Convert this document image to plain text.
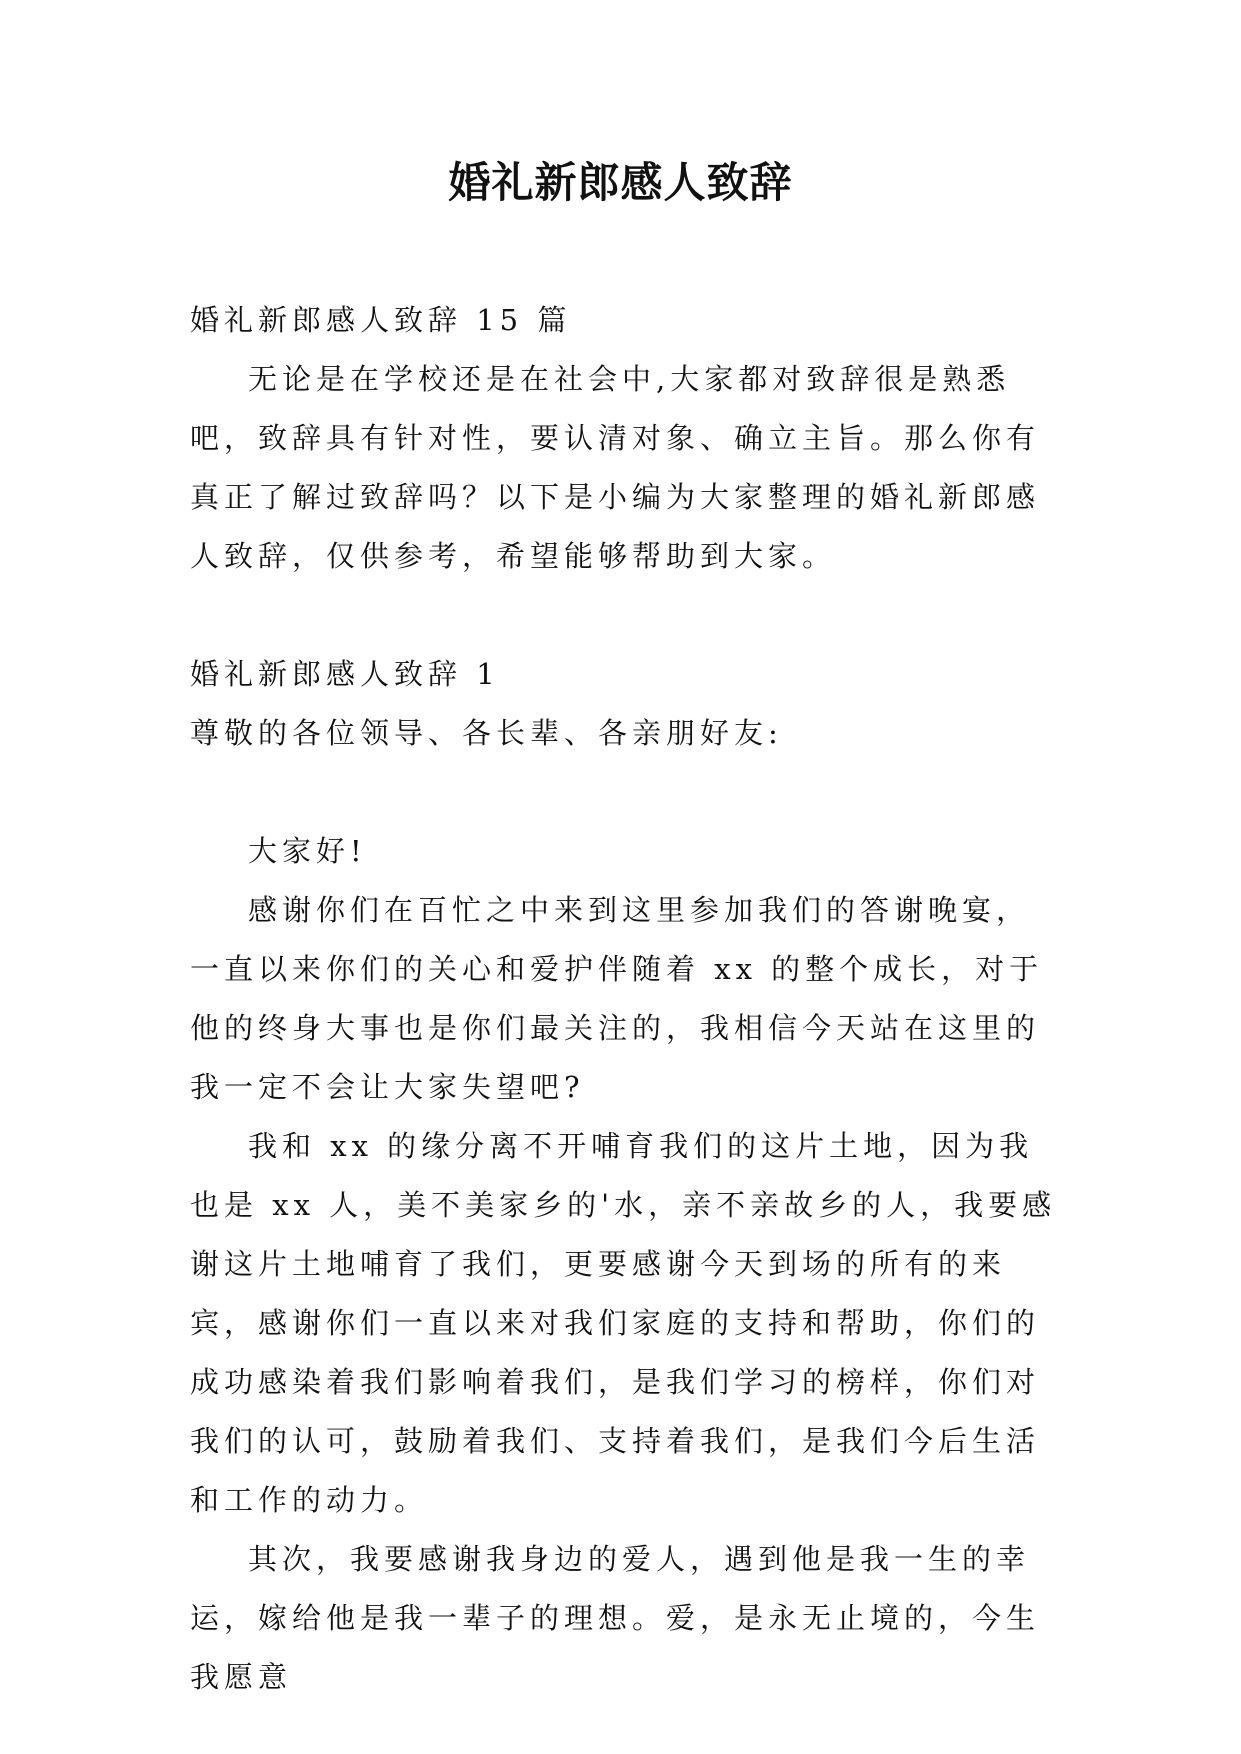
婚礼新郎感人致辞

婚礼新郎感人致辞 15 篇

无论是在学校还是在社会中,大家都对致辞很是熟悉吧，致辞具有针对性，要认清对象、确立主旨。那么你有真正了解过致辞吗？以下是小编为大家整理的婚礼新郎感人致辞，仅供参考，希望能够帮助到大家。

婚礼新郎感人致辞 1

尊敬的各位领导、各长辈、各亲朋好友:

大家好!

感谢你们在百忙之中来到这里参加我们的答谢晚宴，一直以来你们的关心和爱护伴随着 xx 的整个成长，对于他的终身大事也是你们最关注的，我相信今天站在这里的我一定不会让大家失望吧?

我和 xx 的缘分离不开哺育我们的这片土地，因为我也是 xx 人，美不美家乡的'水，亲不亲故乡的人，我要感谢这片土地哺育了我们，更要感谢今天到场的所有的来宾，感谢你们一直以来对我们家庭的支持和帮助，你们的成功感染着我们影响着我们，是我们学习的榜样，你们对我们的认可，鼓励着我们、支持着我们，是我们今后生活和工作的动力。

其次，我要感谢我身边的爱人，遇到他是我一生的幸运，嫁给他是我一辈子的理想。爱，是永无止境的，今生我愿意
